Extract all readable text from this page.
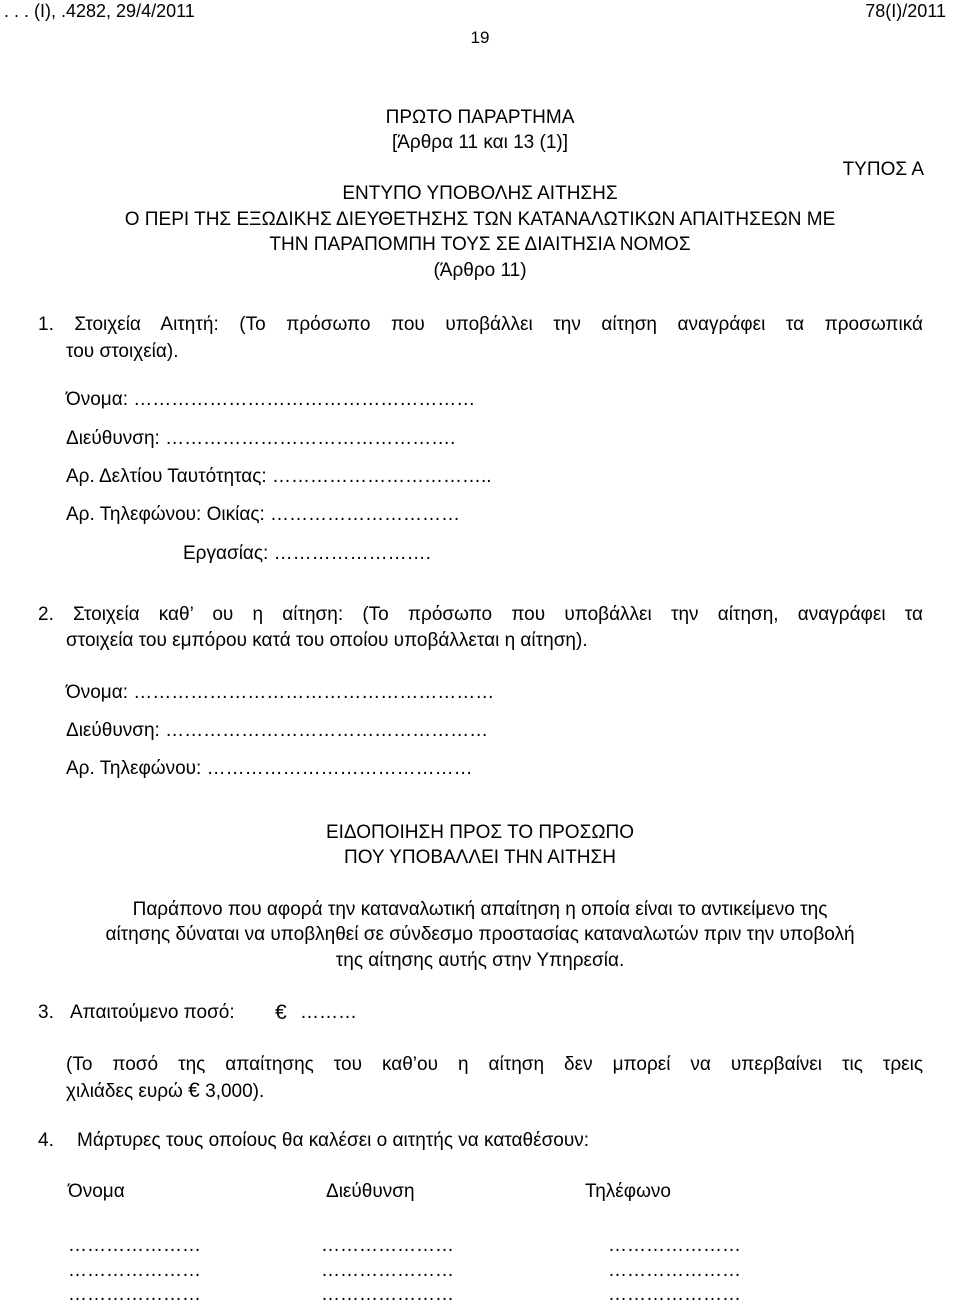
. . . (Ι), .4282, 29/4/2011	78(Ι)/2011
19
ΠΡΩΤΟ ΠΑΡΑΡΤΗΜΑ
[Άρθρα 11 και 13 (1)]
ΤΥΠΟΣ Α
ΕΝΤΥΠΟ ΥΠΟΒΟΛΗΣ ΑΙΤΗΣΗΣ
Ο ΠΕΡΙ ΤΗΣ ΕΞΩΔΙΚΗΣ ΔΙΕΥΘΕΤΗΣΗΣ ΤΩΝ ΚΑΤΑΝΑΛΩΤΙΚΩΝ ΑΠΑΙΤΗΣΕΩΝ ΜΕ
ΤΗΝ ΠΑΡΑΠΟΜΠΗ ΤΟΥΣ ΣΕ ΔΙΑΙΤΗΣΙΑ ΝΟΜΟΣ
(Άρθρο 11)
1. Στοιχεία Αιτητή: (Το πρόσωπο που υποβάλλει την αίτηση αναγράφει τα προσωπικά
του στοιχεία).
Όνομα: ………………………………………………
Διεύθυνση: ……………………………………….
Αρ. Δελτίου Ταυτότητας: ……………………………..
Αρ. Τηλεφώνου: Οικίας: …………………………
Εργασίας: …………………….
2. Στοιχεία καθ’ ου η αίτηση: (Το πρόσωπο που υποβάλλει την αίτηση, αναγράφει τα
στοιχεία του εμπόρου κατά του οποίου υποβάλλεται η αίτηση).
Όνομα: …………………………………………………
Διεύθυνση: ……………………………………………
Αρ. Τηλεφώνου: ……………………………………
ΕΙΔΟΠΟΙΗΣΗ ΠΡΟΣ ΤΟ ΠΡΟΣΩΠΟ
ΠΟΥ ΥΠΟΒΑΛΛΕΙ ΤΗΝ ΑΙΤΗΣΗ
Παράπονο που αφορά την καταναλωτική απαίτηση η οποία είναι το αντικείμενο της
αίτησης δύναται να υποβληθεί σε σύνδεσμο προστασίας καταναλωτών πριν την υποβολή
της αίτησης αυτής στην Υπηρεσία.
3. Απαιτούμενο ποσό: € ………
(Το ποσό της απαίτησης του καθ’ου η αίτηση δεν μπορεί να υπερβαίνει τις τρεις
χιλιάδες ευρώ € 3,000).
4. Μάρτυρες τους οποίους θα καλέσει ο αιτητής να καταθέσουν:
Όνομα	Διεύθυνση	Τηλέφωνο
…………………	…………………	…………………
…………………	…………………	…………………
…………………	…………………	…………………
